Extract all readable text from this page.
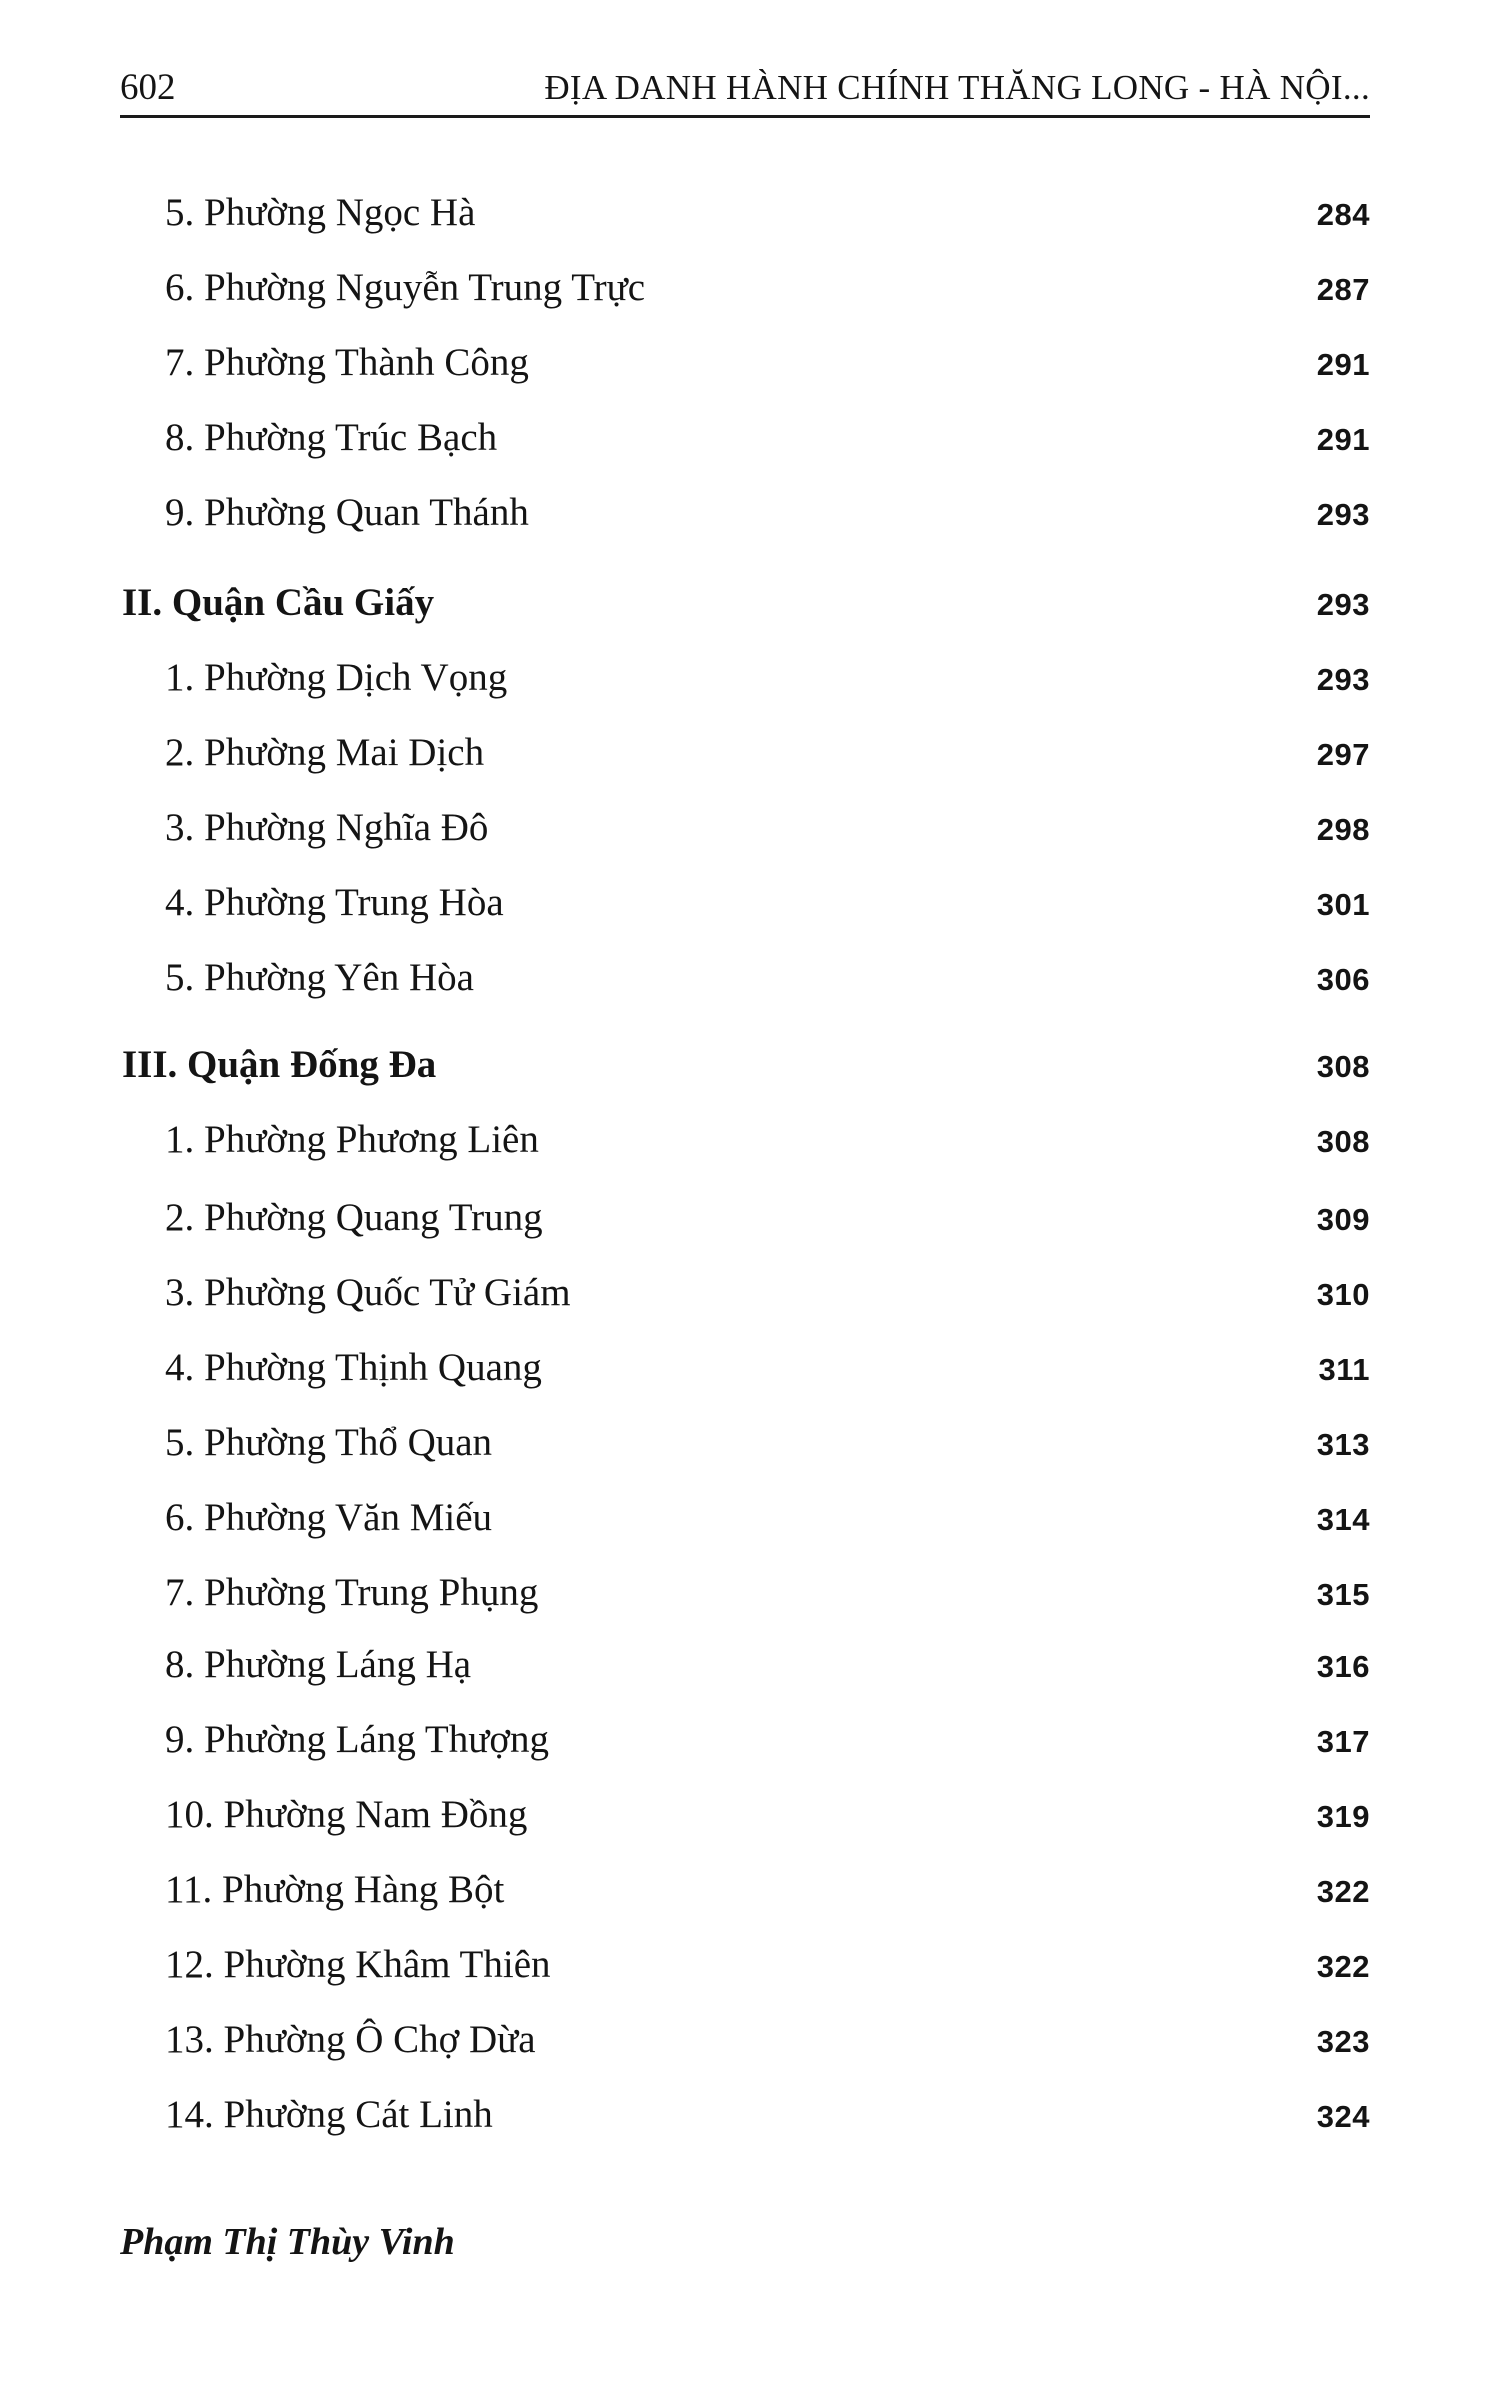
602	ĐỊA DANH HÀNH CHÍNH THĂNG LONG - HÀ NỘI...
5. Phường Ngọc Hà	284
6. Phường Nguyễn Trung Trực	287
7. Phường Thành Công	291
8. Phường Trúc Bạch	291
9. Phường Quan Thánh	293
II. Quận Cầu Giấy	293
1. Phường Dịch Vọng	293
2. Phường Mai Dịch	297
3. Phường Nghĩa Đô	298
4. Phường Trung Hòa	301
5. Phường Yên Hòa	306
III. Quận Đống Đa	308
1. Phường Phương Liên	308
2. Phường Quang Trung	309
3. Phường Quốc Tử Giám	310
4. Phường Thịnh Quang	311
5. Phường Thổ Quan	313
6. Phường Văn Miếu	314
7. Phường Trung Phụng	315
8. Phường Láng Hạ	316
9. Phường Láng Thượng	317
10. Phường Nam Đồng	319
11. Phường Hàng Bột	322
12. Phường Khâm Thiên	322
13. Phường Ô Chợ Dừa	323
14. Phường Cát Linh	324
Phạm Thị Thùy Vinh
